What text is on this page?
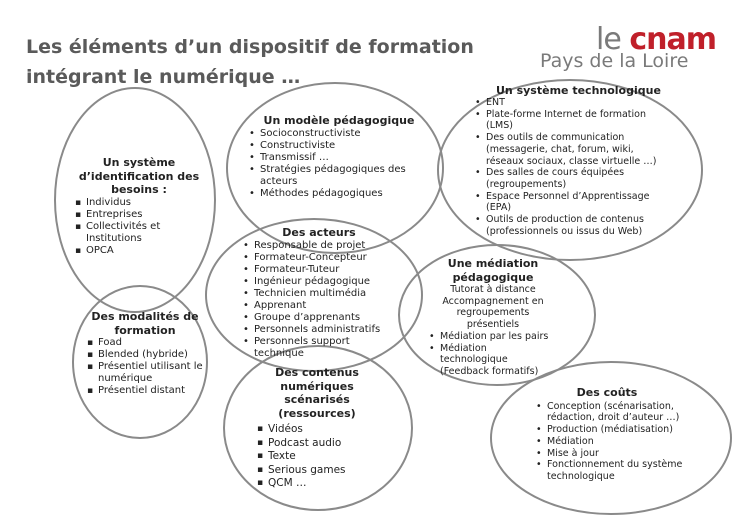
Les éléments d’un dispositif de formation
intégrant le numérique …
le cnam
Pays de la Loire
Un système d’identification des besoins :
▪ Individus
▪ Entreprises
▪ Collectivités et Institutions
▪ OPCA
Des modalités de formation
▪ Foad
▪ Blended (hybride)
▪ Présentiel utilisant le numérique
▪ Présentiel distant
Un modèle pédagogique
• Socioconstructiviste
• Constructiviste
• Transmissif …
• Stratégies pédagogiques des acteurs
• Méthodes pédagogiques
Des acteurs
• Responsable de projet
• Formateur-Concepteur
• Formateur-Tuteur
• Ingénieur pédagogique
• Technicien multimédia
• Apprenant
• Groupe d’apprenants
• Personnels administratifs
• Personnels support technique
Des contenus numériques scénarisés (ressources)
▪ Vidéos
▪ Podcast audio
▪ Texte
▪ Serious games
▪ QCM …
Un système technologique
• ENT
• Plate-forme Internet de formation (LMS)
• Des outils de communication (messagerie, chat, forum, wiki, réseaux sociaux, classe virtuelle …)
• Des salles de cours équipées (regroupements)
• Espace Personnel d’Apprentissage (EPA)
• Outils de production de contenus (professionnels ou issus du Web)
Une médiation pédagogique

Tutorat à distance

Accompagnement en regroupements présentiels

• Médiation par les pairs
• Médiation technologique (Feedback formatifs)
Des coûts
• Conception (scénarisation, rédaction, droit d’auteur …)
• Production (médiatisation)
• Médiation
• Mise à jour
• Fonctionnement du système technologique
